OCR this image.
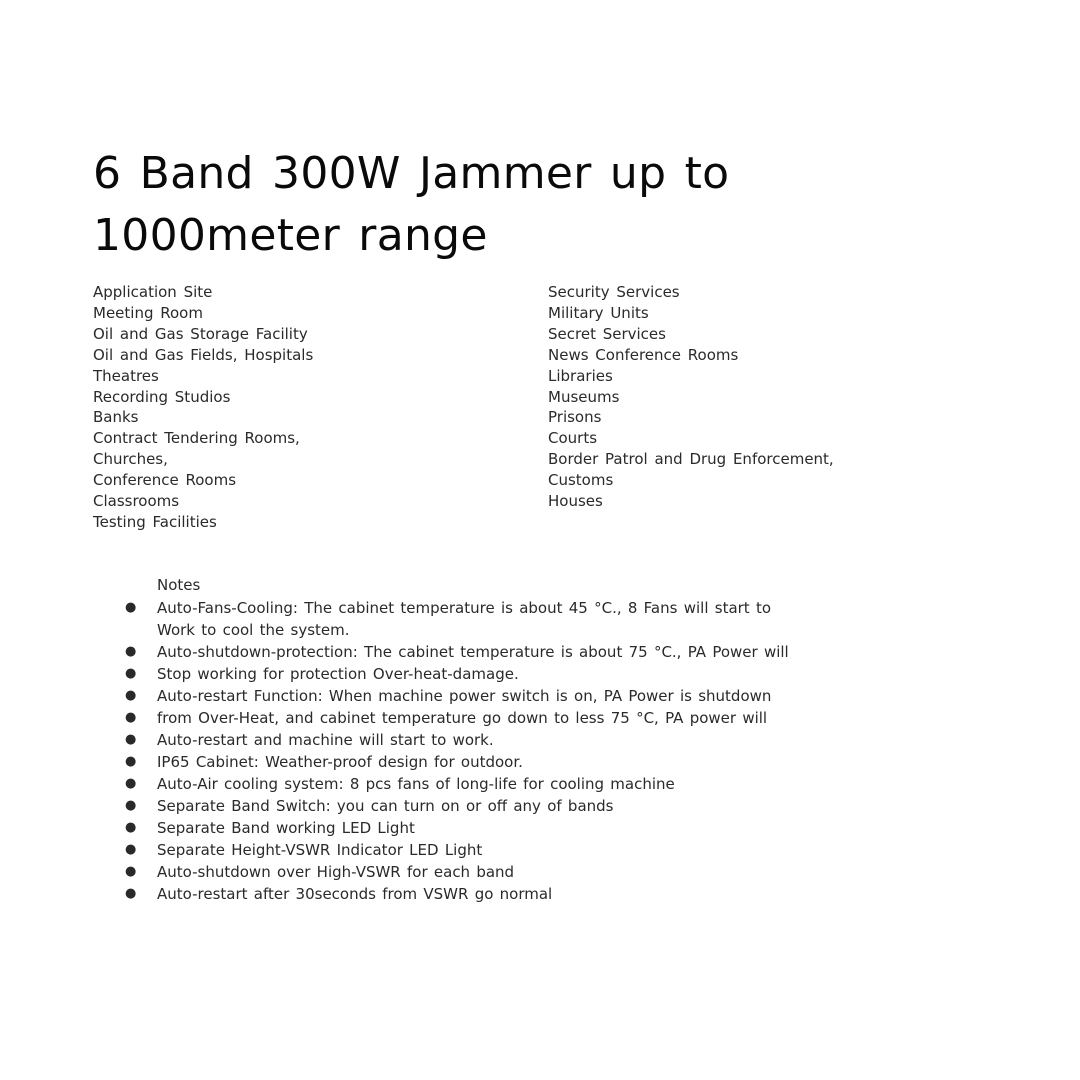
6 Band 300W Jammer up to
1000meter range
Application Site
Meeting Room
Oil and Gas Storage Facility
Oil and Gas Fields, Hospitals
Theatres
Recording Studios
Banks
Contract Tendering Rooms,
Churches,
Conference Rooms
Classrooms
Testing Facilities
Security Services
Military Units
Secret Services
News Conference Rooms
Libraries
Museums
Prisons
Courts
Border Patrol and Drug Enforcement,
Customs
Houses

Notes

● Auto-Fans-Cooling: The cabinet temperature is about 45 °C., 8 Fans will start to
Work to cool the system.
● Auto-shutdown-protection: The cabinet temperature is about 75 °C., PA Power will
● Stop working for protection Over-heat-damage.
● Auto-restart Function: When machine power switch is on, PA Power is shutdown
● from Over-Heat, and cabinet temperature go down to less 75 °C, PA power will
● Auto-restart and machine will start to work.
● IP65 Cabinet: Weather-proof design for outdoor.
● Auto-Air cooling system: 8 pcs fans of long-life for cooling machine
● Separate Band Switch: you can turn on or off any of bands
● Separate Band working LED Light
● Separate Height-VSWR Indicator LED Light
● Auto-shutdown over High-VSWR for each band
● Auto-restart after 30seconds from VSWR go normal
